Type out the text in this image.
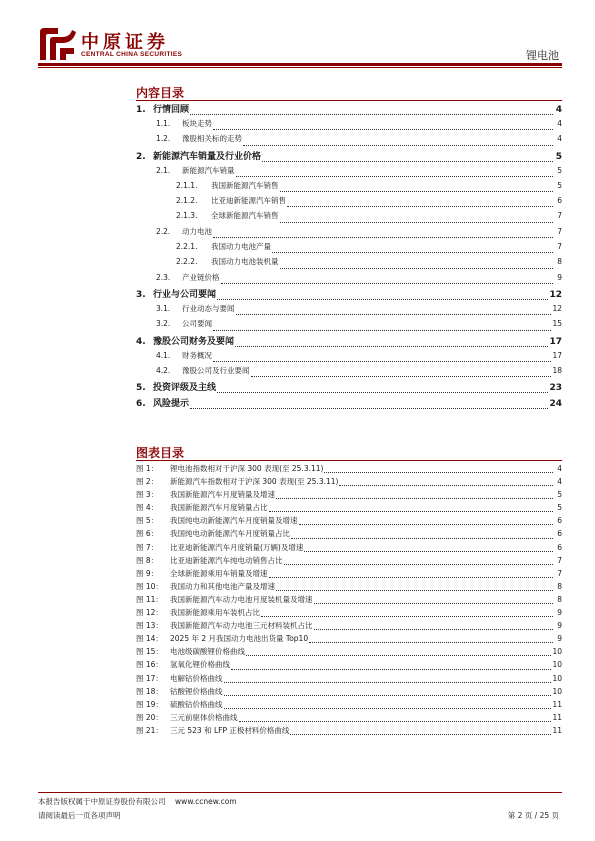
中原证券
CENTRAL CHINA SECURITIES	锂电池
内容目录
1. 行情回顾	4
1.1.	板块走势	4
1.2.	豫股相关标的走势	4
2. 新能源汽车销量及行业价格	5
2.1.	新能源汽车销量	5
2.1.1.	我国新能源汽车销售	5
2.1.2.	比亚迪新能源汽车销售	6
2.1.3.	全球新能源汽车销售	7
2.2.	动力电池	7
2.2.1.	我国动力电池产量	7
2.2.2.	我国动力电池装机量	8
2.3.	产业链价格	9
3. 行业与公司要闻	12
3.1.	行业动态与要闻	12
3.2.	公司要闻	15
4. 豫股公司财务及要闻	17
4.1.	财务概况	17
4.2.	豫股公司及行业要闻	18
5. 投资评级及主线	23
6. 风险提示	24
图表目录
图 1：	锂电池指数相对于沪深 300 表现(至 25.3.11)	4
图 2：	新能源汽车指数相对于沪深 300 表现(至 25.3.11)	4
图 3：	我国新能源汽车月度销量及增速	5
图 4：	我国新能源汽车月度销量占比	5
图 5：	我国纯电动新能源汽车月度销量及增速	6
图 6：	我国纯电动新能源汽车月度销量占比	6
图 7：	比亚迪新能源汽车月度销量(万辆)及增速	6
图 8：	比亚迪新能源汽车纯电动销售占比	7
图 9：	全球新能源乘用车销量及增速	7
图 10： 我国动力和其他电池产量及增速	8
图 11： 我国新能源汽车动力电池月度装机量及增速	8
图 12： 我国新能源乘用车装机占比	9
图 13： 我国新能源汽车动力电池三元材料装机占比	9
图 14： 2025 年 2 月我国动力电池出货量 Top10	9
图 15： 电池级碳酸锂价格曲线	10
图 16： 氢氧化锂价格曲线	10
图 17： 电解钴价格曲线	10
图 18： 钴酸锂价格曲线	10
图 19： 硫酸钴价格曲线	11
图 20： 三元前驱体价格曲线	11
图 21： 三元 523 和 LFP 正极材料价格曲线	11
本报告版权属于中原证券股份有限公司 www.ccnew.com
请阅读最后一页各项声明	第 2 页 / 25 页
